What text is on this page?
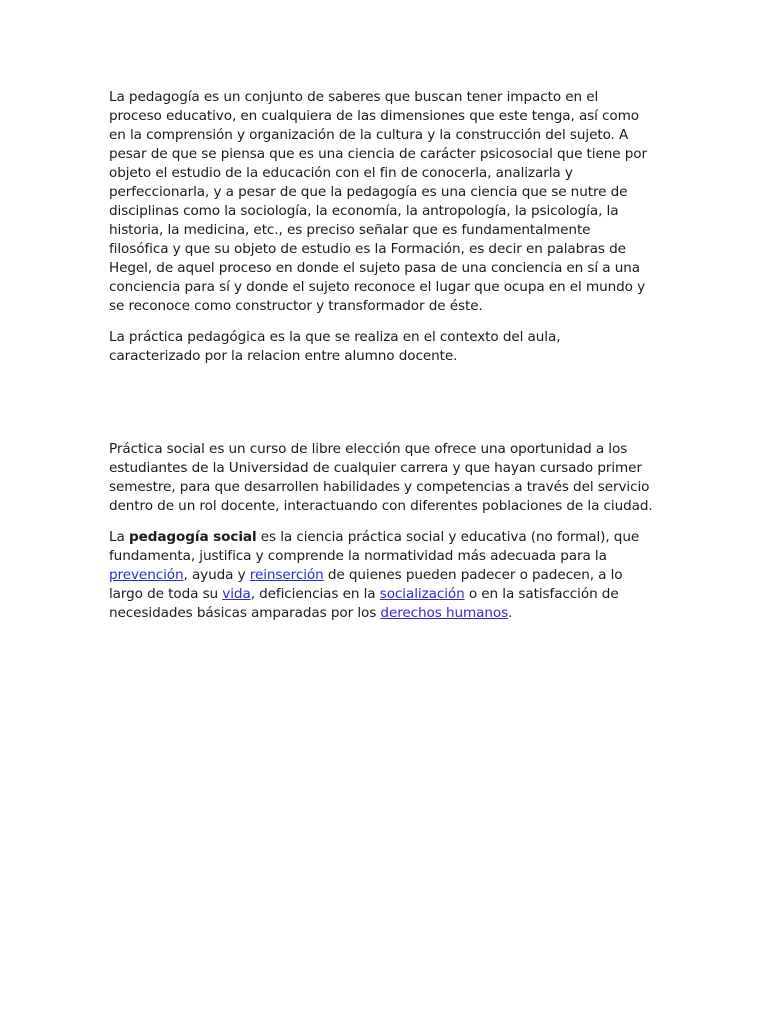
La pedagogía es un conjunto de saberes que buscan tener impacto en el proceso educativo, en cualquiera de las dimensiones que este tenga, así como en la comprensión y organización de la cultura y la construcción del sujeto. A pesar de que se piensa que es una ciencia de carácter psicosocial que tiene por objeto el estudio de la educación con el fin de conocerla, analizarla y perfeccionarla, y a pesar de que la pedagogía es una ciencia que se nutre de disciplinas como la sociología, la economía, la antropología, la psicología, la historia, la medicina, etc., es preciso señalar que es fundamentalmente filosófica y que su objeto de estudio es la Formación, es decir en palabras de Hegel, de aquel proceso en donde el sujeto pasa de una conciencia en sí a una conciencia para sí y donde el sujeto reconoce el lugar que ocupa en el mundo y se reconoce como constructor y transformador de éste.

La práctica pedagógica es la que se realiza en el contexto del aula, caracterizado por la relacion entre alumno docente.

Práctica social es un curso de libre elección que ofrece una oportunidad a los estudiantes de la Universidad de cualquier carrera y que hayan cursado primer semestre, para que desarrollen habilidades y competencias a través del servicio dentro de un rol docente, interactuando con diferentes poblaciones de la ciudad.

La pedagogía social es la ciencia práctica social y educativa (no formal), que fundamenta, justifica y comprende la normatividad más adecuada para la prevención, ayuda y reinserción de quienes pueden padecer o padecen, a lo largo de toda su vida, deficiencias en la socialización o en la satisfacción de necesidades básicas amparadas por los derechos humanos.
